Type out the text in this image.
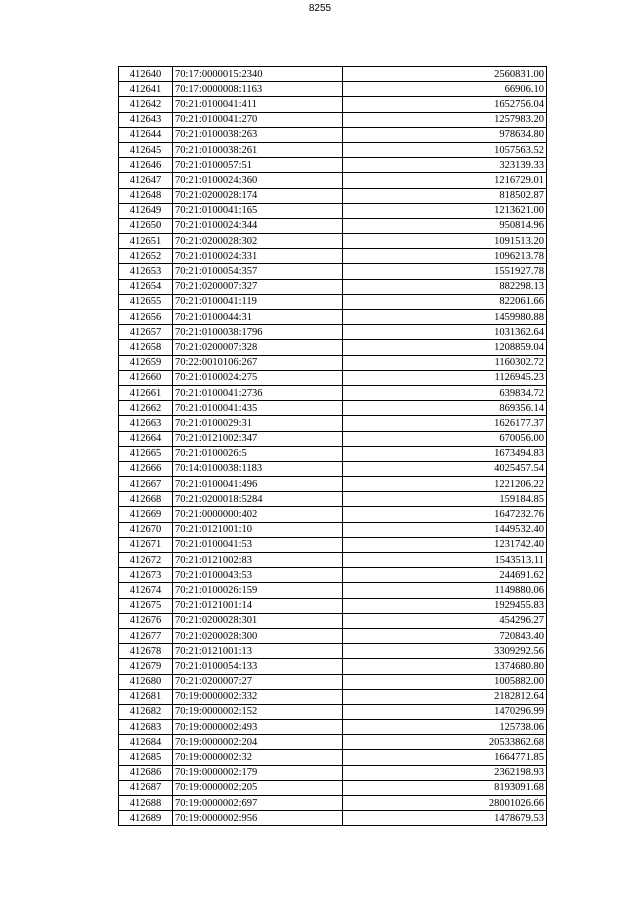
8255
412640	70:17:0000015:2340	2560831.00
412641	70:17:0000008:1163	66906.10
412642	70:21:0100041:411	1652756.04
412643	70:21:0100041:270	1257983.20
412644	70:21:0100038:263	978634.80
412645	70:21:0100038:261	1057563.52
412646	70:21:0100057:51	323139.33
412647	70:21:0100024:360	1216729.01
412648	70:21:0200028:174	818502.87
412649	70:21:0100041:165	1213621.00
412650	70:21:0100024:344	950814.96
412651	70:21:0200028:302	1091513.20
412652	70:21:0100024:331	1096213.78
412653	70:21:0100054:357	1551927.78
412654	70:21:0200007:327	882298.13
412655	70:21:0100041:119	822061.66
412656	70:21:0100044:31	1459980.88
412657	70:21:0100038:1796	1031362.64
412658	70:21:0200007:328	1208859.04
412659	70:22:0010106:267	1160302.72
412660	70:21:0100024:275	1126945.23
412661	70:21:0100041:2736	639834.72
412662	70:21:0100041:435	869356.14
412663	70:21:0100029:31	1626177.37
412664	70:21:0121002:347	670056.00
412665	70:21:0100026:5	1673494.83
412666	70:14:0100038:1183	4025457.54
412667	70:21:0100041:496	1221206.22
412668	70:21:0200018:5284	159184.85
412669	70:21:0000000:402	1647232.76
412670	70:21:0121001:10	1449532.40
412671	70:21:0100041:53	1231742.40
412672	70:21:0121002:83	1543513.11
412673	70:21:0100043:53	244691.62
412674	70:21:0100026:159	1149880.06
412675	70:21:0121001:14	1929455.83
412676	70:21:0200028:301	454296.27
412677	70:21:0200028:300	720843.40
412678	70:21:0121001:13	3309292.56
412679	70:21:0100054:133	1374680.80
412680	70:21:0200007:27	1005882.00
412681	70:19:0000002:332	2182812.64
412682	70:19:0000002:152	1470296.99
412683	70:19:0000002:493	125738.06
412684	70:19:0000002:204	20533862.68
412685	70:19:0000002:32	1664771.85
412686	70:19:0000002:179	2362198.93
412687	70:19:0000002:205	8193091.68
412688	70:19:0000002:697	28001026.66
412689	70:19:0000002:956	1478679.53
